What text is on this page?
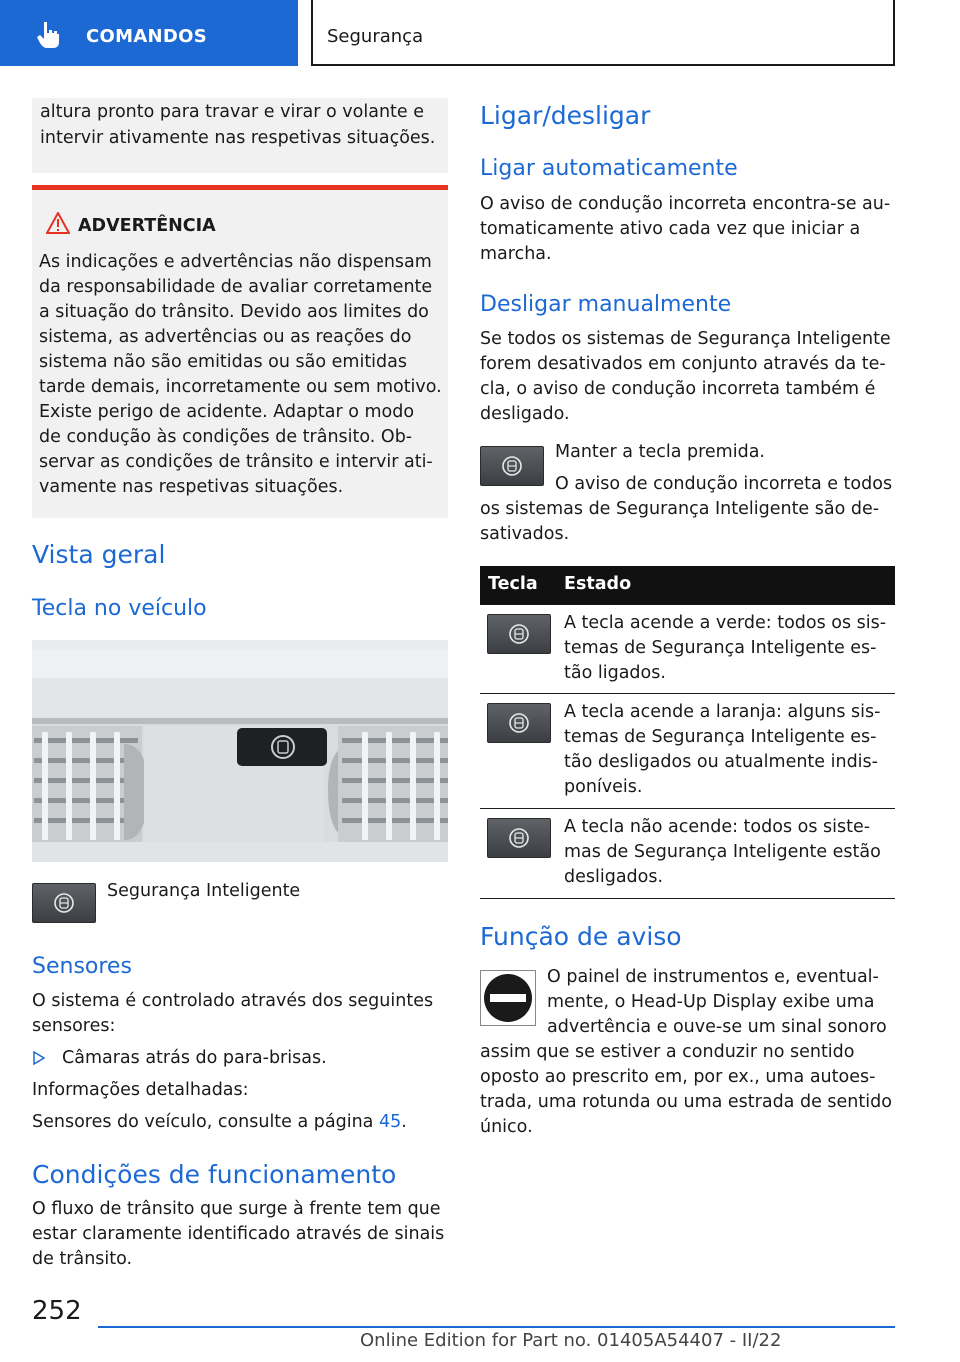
COMANDOS	Segurança
altura pronto para travar e virar o volante e
intervir ativamente nas respetivas situações.
ADVERTÊNCIA
As indicações e advertências não dispensam
da responsabilidade de avaliar corretamente
a situação do trânsito. Devido aos limites do
sistema, as advertências ou as reações do
sistema não são emitidas ou são emitidas
tarde demais, incorretamente ou sem motivo.
Existe perigo de acidente. Adaptar o modo
de condução às condições de trânsito. Ob-
servar as condições de trânsito e intervir ati-
vamente nas respetivas situações.
Vista geral
Tecla no veículo
Segurança Inteligente
Sensores
O sistema é controlado através dos seguintes
sensores:
Câmaras atrás do para-brisas.
Informações detalhadas:
Sensores do veículo, consulte a página 45.
Condições de funcionamento
O fluxo de trânsito que surge à frente tem que
estar claramente identificado através de sinais
de trânsito.
Ligar/desligar
Ligar automaticamente
O aviso de condução incorreta encontra-se au-
tomaticamente ativo cada vez que iniciar a
marcha.
Desligar manualmente
Se todos os sistemas de Segurança Inteligente
forem desativados em conjunto através da te-
cla, o aviso de condução incorreta também é
desligado.
Manter a tecla premida.
O aviso de condução incorreta e todos
os sistemas de Segurança Inteligente são de-
sativados.
Tecla Estado
A tecla acende a verde: todos os sis-
temas de Segurança Inteligente es-
tão ligados.
A tecla acende a laranja: alguns sis-
temas de Segurança Inteligente es-
tão desligados ou atualmente indis-
poníveis.
A tecla não acende: todos os siste-
mas de Segurança Inteligente estão
desligados.
Função de aviso
O painel de instrumentos e, eventual-
mente, o Head-Up Display exibe uma
advertência e ouve-se um sinal sonoro
assim que se estiver a conduzir no sentido
oposto ao prescrito em, por ex., uma autoes-
trada, uma rotunda ou uma estrada de sentido
único.
252
Online Edition for Part no. 01405A54407 - II/22
